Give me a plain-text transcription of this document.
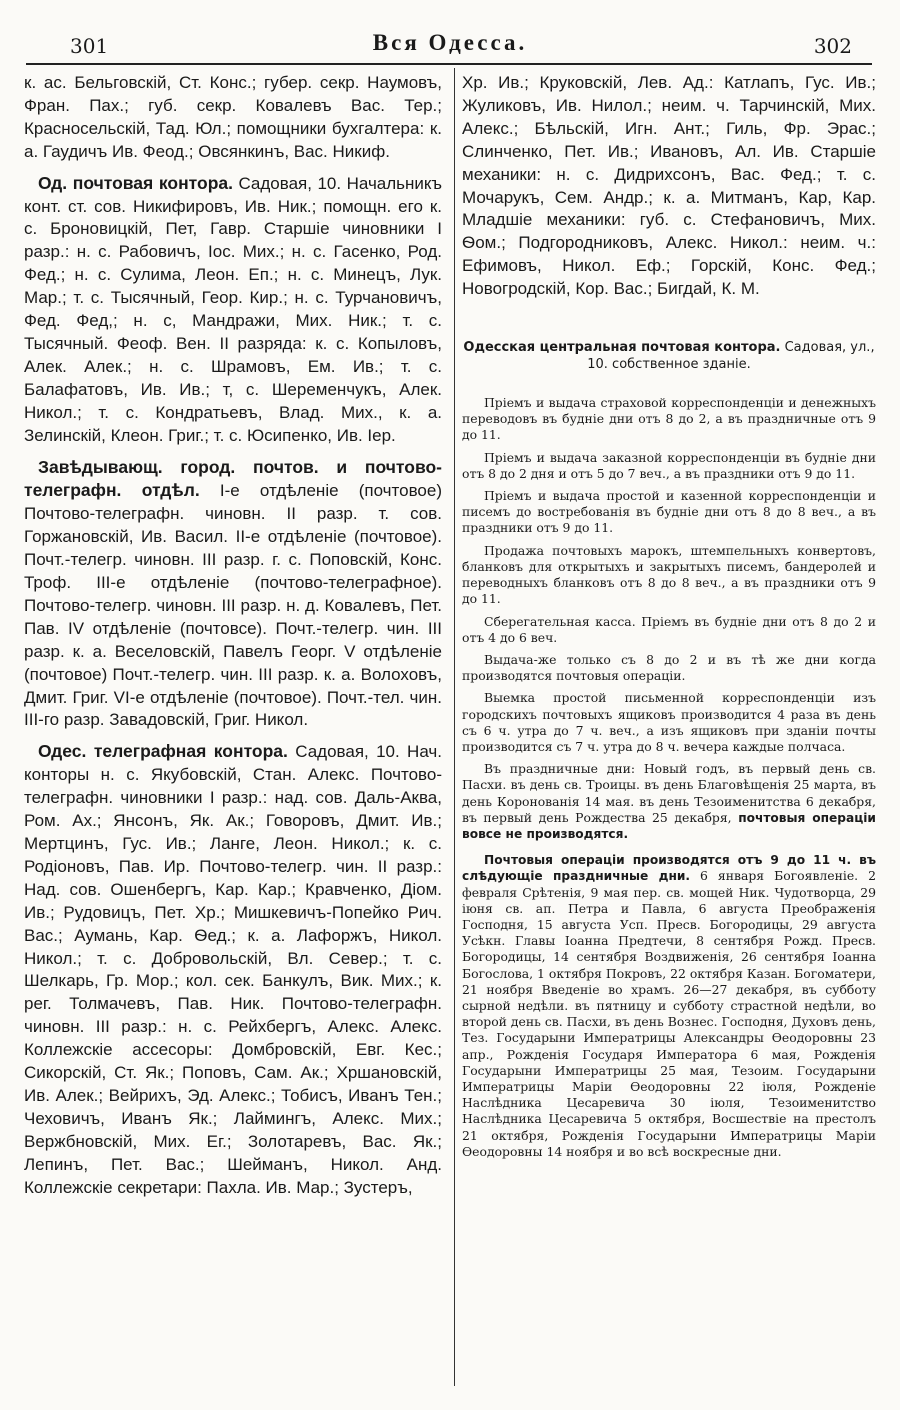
301	Вся Одесса.	302

к. ас. Бельговскій, Ст. Конс.; губер. секр. Наумовъ, Фран. Пах.; губ. секр. Ковалевъ Вас. Тер.; Красносельскій, Тад. Юл.; помощники бухгалтера: к. а. Гаудичъ Ив. Феод.; Овсянкинъ, Вас. Никиф.

Од. почтовая контора. Садовая, 10. Начальникъ конт. ст. сов. Никифировъ, Ив. Ник.; помощн. его к. с. Броновицкій, Пет, Гавр. Старшіе чиновники I разр.: н. с. Рабовичъ, Іос. Мих.; н. с. Гасенко, Род. Фед.; н. с. Сулима, Леон. Еп.; н. с. Минецъ, Лук. Мар.; т. с. Тысячный, Геор. Кир.; н. с. Турчановичъ, Фед. Фед,; н. с, Мандражи, Мих. Ник.; т. с. Тысячный. Феоф. Вен. II разряда: к. с. Копыловъ, Алек. Алек.; н. с. Шрамовъ, Ем. Ив.; т. с. Балафатовъ, Ив. Ив.; т, с. Шеременчукъ, Алек. Никол.; т. с. Кондратьевъ, Влад. Мих., к. а. Зелинскій, Клеон. Григ.; т. с. Юсипенко, Ив. Іер.

Завѣдывающ. город. почтов. и почтово-телеграфн. отдѣл. І-е отдѣленіе (почтовое) Почтово-телеграфн. чиновн. II разр. т. сов. Горжановскій, Ив. Васил. ІІ-е отдѣленіе (почтовое). Почт.-телегр. чиновн. III разр. г. с. Поповскій, Конс. Троф. ІІІ-е отдѣленіе (почтово-телеграфное). Почтово-телегр. чиновн. III разр. н. д. Ковалевъ, Пет. Пав. IV отдѣленіе (почтовсе). Почт.-телегр. чин. III разр. к. а. Веселовскій, Павелъ Георг. V отдѣленіе (почтовое) Почт.-телегр. чин. III разр. к. а. Волоховъ, Дмит. Григ. VI-е отдѣленіе (почтовое). Почт.-тел. чин. III-го разр. Завадовскій, Григ. Никол.

Одес. телеграфная контора. Садовая, 10. Нач. конторы н. с. Якубовскій, Стан. Алекс. Почтово-телеграфн. чиновники I разр.: над. сов. Даль-Аква, Ром. Ах.; Янсонъ, Як. Ак.; Говоровъ, Дмит. Ив.; Мертцинъ, Гус. Ив.; Ланге, Леон. Никол.; к. с. Родіоновъ, Пав. Ир. Почтово-телегр. чин. II разр.: Над. сов. Ошенбергъ, Кар. Кар.; Кравченко, Діом. Ив.; Рудовицъ, Пет. Хр.; Мишкевичъ-Попейко Рич. Вас.; Аумань, Кар. Ѳед.; к. а. Лафоржъ, Никол. Никол.; т. с. Добровольскій, Вл. Север.; т. с. Шелкарь, Гр. Мор.; кол. сек. Банкулъ, Вик. Мих.; к. рег. Толмачевъ, Пав. Ник. Почтово-телеграфн. чиновн. III разр.: н. с. Рейхбергъ, Алекс. Алекс. Коллежскіе ассесоры: Домбровскій, Евг. Кес.; Сикорскій, Ст. Як.; Поповъ, Сам. Ак.; Хршановскій, Ив. Алек.; Вейрихъ, Эд. Алекс.; Тобисъ, Иванъ Тен.; Чеховичъ, Иванъ Як.; Лаймингъ, Алекс. Мих.; Вержбновскій, Мих. Ег.; Золотаревъ, Вас. Як.; Лепинъ, Пет. Вас.; Шейманъ, Никол. Анд. Коллежскіе секретари: Пахла. Ив. Мар.; Зустеръ,

Хр. Ив.; Круковскій, Лев. Ад.: Катлапъ, Гус. Ив.; Жуликовъ, Ив. Нилол.; неим. ч. Тарчинскій, Мих. Алекс.; Бѣльскій, Игн. Ант.; Гиль, Фр. Эрас.; Слинченко, Пет. Ив.; Ивановъ, Ал. Ив. Старшіе механики: н. с. Дидрихсонъ, Вас. Фед.; т. с. Мочарукъ, Сем. Андр.; к. а. Митманъ, Кар, Кар. Младшіе механики: губ. с. Стефановичъ, Мих. Ѳом.; Подгородниковъ, Алекс. Никол.: неим. ч.: Ефимовъ, Никол. Еф.; Горскій, Конс. Фед.; Новогродскій, Кор. Вас.; Бигдай, К. М.

Одесская центральная почтовая контора. Садовая, ул., 10. собственное зданіе.

Пріемъ и выдача страховой корреспонденціи и денежныхъ переводовъ въ будніе дни отъ 8 до 2, а въ праздничные отъ 9 до 11.

Пріемъ и выдача заказной корреспонденціи въ будніе дни отъ 8 до 2 дня и отъ 5 до 7 веч., а въ праздники отъ 9 до 11.

Пріемъ и выдача простой и казенной корреспонденціи и писемъ до востребованія въ будніе дни отъ 8 до 8 веч., а въ праздники отъ 9 до 11.

Продажа почтовыхъ марокъ, штемпельныхъ конвертовъ, бланковъ для открытыхъ и закрытыхъ писемъ, бандеролей и переводныхъ бланковъ отъ 8 до 8 веч., а въ праздники отъ 9 до 11.

Сберегательная касса. Пріемъ въ будніе дни отъ 8 до 2 и отъ 4 до 6 веч.

Выдача-же только съ 8 до 2 и въ тѣ же дни когда производятся почтовыя операціи.

Выемка простой письменной корреспонденціи изъ городскихъ почтовыхъ ящиковъ производится 4 раза въ день съ 6 ч. утра до 7 ч. веч., а изъ ящиковъ при зданіи почты производится съ 7 ч. утра до 8 ч. вечера каждые полчаса.

Въ праздничные дни: Новый годъ, въ первый день св. Пасхи. въ день св. Троицы. въ день Благовѣщенія 25 марта, въ день Коронованія 14 мая. въ день Тезоименитства 6 декабря, въ первый день Рождества 25 декабря, почтовыя операціи вовсе не производятся.

Почтовыя операціи производятся отъ 9 до 11 ч. въ слѣдующіе праздничные дни. 6 января Богоявленіе. 2 февраля Срѣтенія, 9 мая пер. св. мощей Ник. Чудотворца, 29 іюня св. ап. Петра и Павла, 6 августа Преображенія Господня, 15 августа Усп. Пресв. Богородицы, 29 августа Усѣкн. Главы Іоанна Предтечи, 8 сентября Рожд. Пресв. Богородицы, 14 сентября Воздвиженія, 26 сентября Іоанна Богослова, 1 октября Покровъ, 22 октября Казан. Богоматери, 21 ноября Введеніе во храмъ. 26—27 декабря, въ субботу сырной недѣли. въ пятницу и субботу страстной недѣли, во второй день св. Пасхи, въ день Вознес. Господня, Духовъ день, Тез. Государыни Императрицы Александры Ѳеодоровны 23 апр., Рожденія Государя Императора 6 мая, Рожденія Государыни Императрицы 25 мая, Тезоим. Государыни Императрицы Маріи Ѳеодоровны 22 іюля, Рожденіе Наслѣдника Цесаревича 30 іюля, Тезоименитство Наслѣдника Цесаревича 5 октября, Восшествіе на престолъ 21 октября, Рожденія Государыни Императрицы Маріи Ѳеодоровны 14 ноября и во всѣ воскресные дни.
